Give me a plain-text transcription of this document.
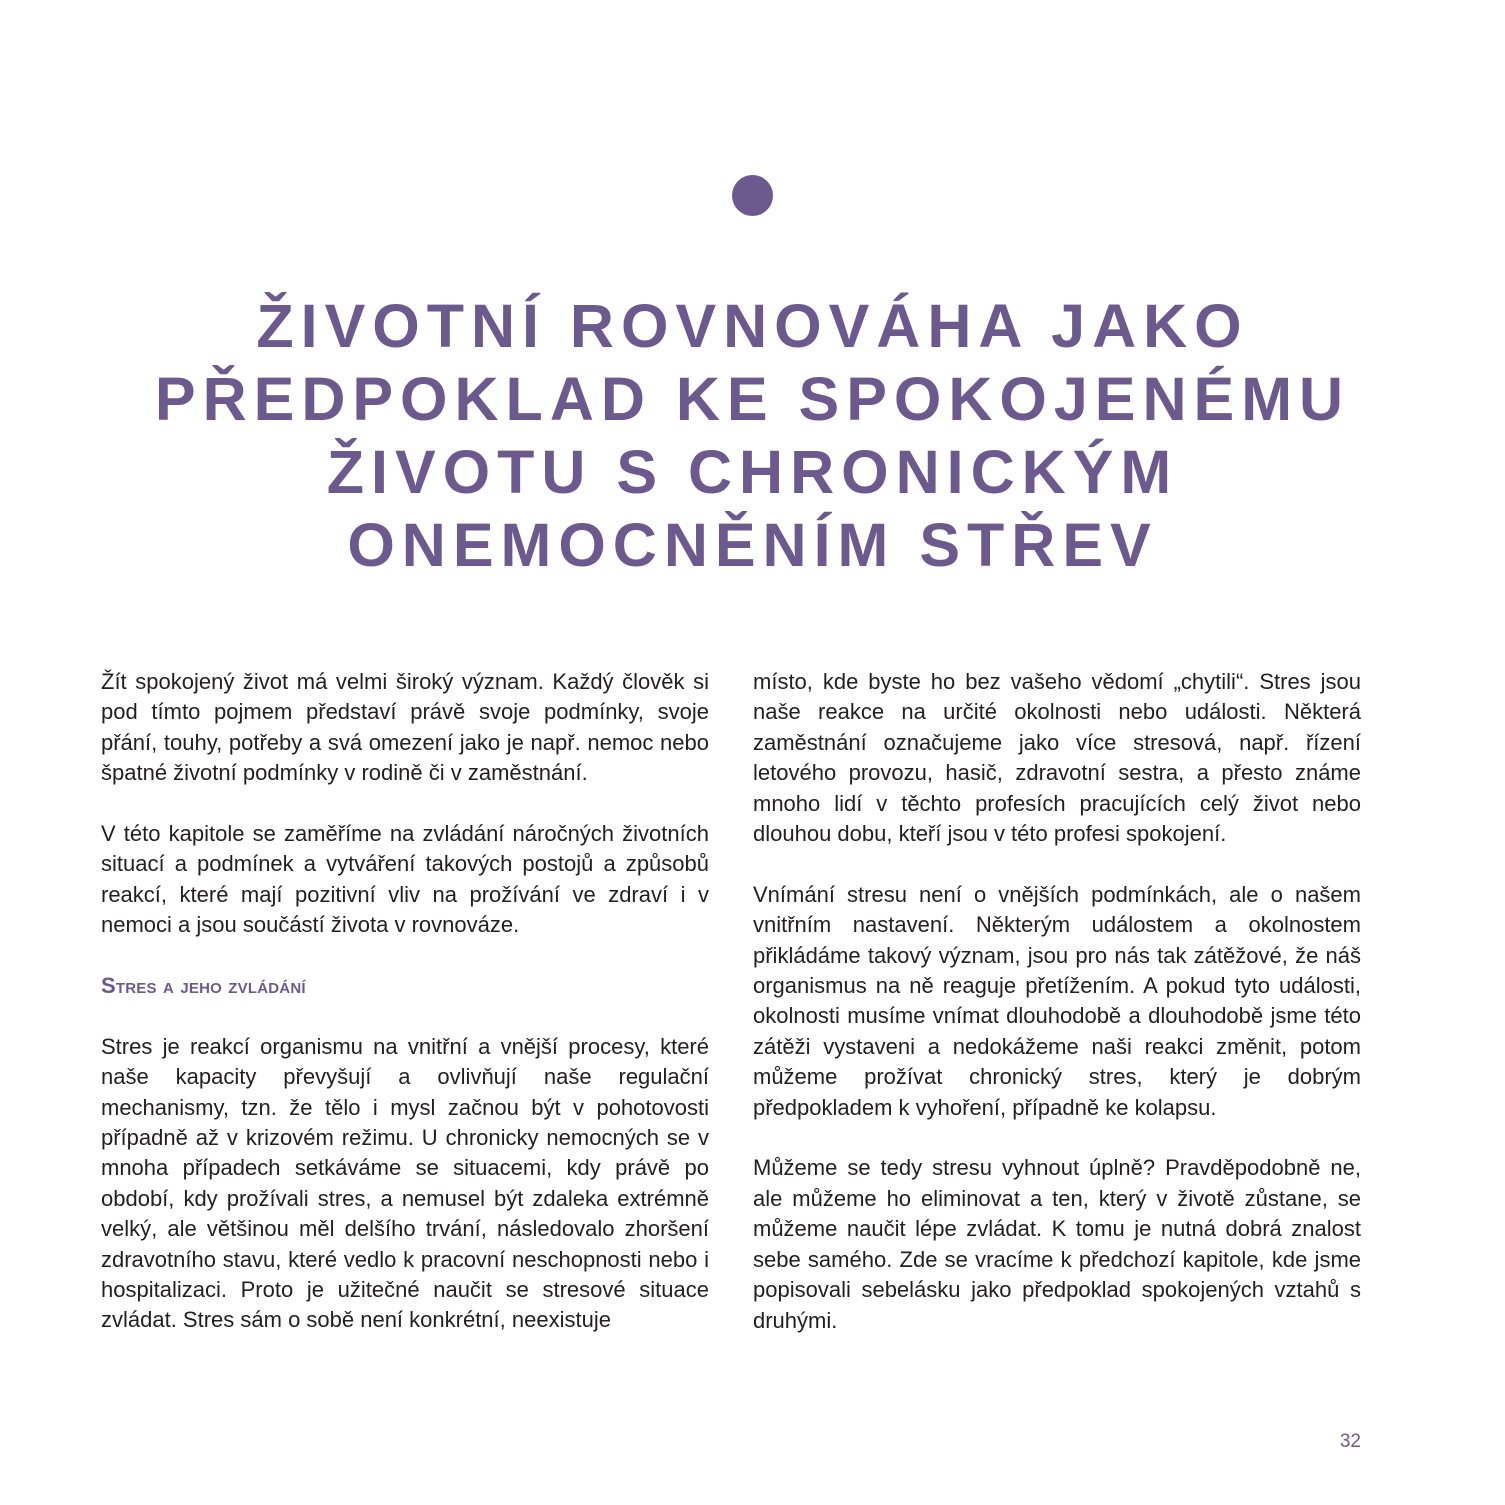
ŽIVOTNÍ ROVNOVÁHA JAKO
PŘEDPOKLAD KE SPOKOJENÉMU
ŽIVOTU S CHRONICKÝM
ONEMOCNĚNÍM STŘEV

Žít spokojený život má velmi široký význam. Každý člověk si pod tímto pojmem představí právě svoje podmínky, svoje přání, touhy, potřeby a svá omezení jako je např. nemoc nebo špatné životní podmínky v rodině či v zaměstnání.

V této kapitole se zaměříme na zvládání náročných životních situací a podmínek a vytváření takových postojů a způsobů reakcí, které mají pozitivní vliv na prožívání ve zdraví i v nemoci a jsou součástí života v rovnováze.

Stres a jeho zvládání

Stres je reakcí organismu na vnitřní a vnější procesy, které naše kapacity převyšují a ovlivňují naše regulační mechanismy, tzn. že tělo i mysl začnou být v pohotovosti případně až v krizovém režimu. U chronicky nemocných se v mnoha případech setkáváme se situacemi, kdy právě po období, kdy prožívali stres, a nemusel být zdaleka extrémně velký, ale většinou měl delšího trvání, následovalo zhoršení zdravotního stavu, které vedlo k pracovní neschopnosti nebo i hospitalizaci. Proto je užitečné naučit se stresové situace zvládat. Stres sám o sobě není konkrétní, neexistuje

místo, kde byste ho bez vašeho vědomí „chytili“. Stres jsou naše reakce na určité okolnosti nebo události. Některá zaměstnání označujeme jako více stresová, např. řízení letového provozu, hasič, zdravotní sestra, a přesto známe mnoho lidí v těchto profesích pracujících celý život nebo dlouhou dobu, kteří jsou v této profesi spokojení.

Vnímání stresu není o vnějších podmínkách, ale o našem vnitřním nastavení. Některým událostem a okolnostem přikládáme takový význam, jsou pro nás tak zátěžové, že náš organismus na ně reaguje přetížením. A pokud tyto události, okolnosti musíme vnímat dlouhodobě a dlouhodobě jsme této zátěži vystaveni a nedokážeme naši reakci změnit, potom můžeme prožívat chronický stres, který je dobrým předpokladem k vyhoření, případně ke kolapsu.

Můžeme se tedy stresu vyhnout úplně? Pravděpodobně ne, ale můžeme ho eliminovat a ten, který v životě zůstane, se můžeme naučit lépe zvládat. K tomu je nutná dobrá znalost sebe samého. Zde se vracíme k předchozí kapitole, kde jsme popisovali sebelásku jako předpoklad spokojených vztahů s druhými.

32
